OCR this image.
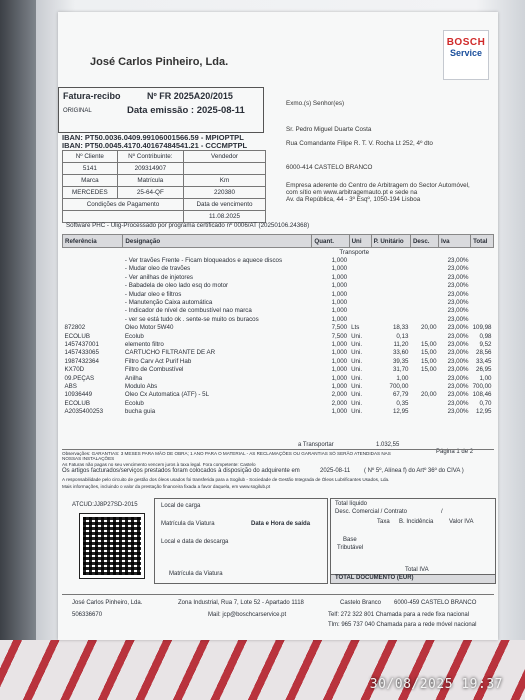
José Carlos Pinheiro, Lda.
BOSCH
Service
Fatura-recibo	Nº FR 2025A20/2015
ORIGINAL	Data emissão : 2025-08-11
IBAN: PT50.0036.0409.99106001566.59 - MPIOPTPL
IBAN: PT50.0045.4170.40167484541.21 - CCCMPTPL
Nº Cliente	Nº Contribuinte:	Vendedor
5141	209314907	
Marca	Matrícula	Km
MERCEDES	25-64-QF	220380
Condições de Pagamento		Data de vencimento
		11.08.2025
Exmo.(s) Senhor(es)
Sr. Pedro Miguel Duarte Costa
Rua Comandante Filipe R. T. V. Rocha Lt 252, 4º dto
6000-414 CASTELO BRANCO
Empresa aderente do Centro de Arbitragem do Sector Automóvel,
com sítio em www.arbitragemauto.pt e sede na
Av. da República, 44 - 3º Esqº, 1050-194 Lisboa
Software PHC - Ulig-Processado por programa certificado nº 0006/AT (20250106.24368)
Referência	Designação	Quant.	Uni	P. Unitário	Desc.	Iva	Total
		Transporte					
	- Ver travões Frente - Ficam bloqueados e aquece discos	1,000				23,00%	
	- Mudar oleo de travões	1,000				23,00%	
	- Ver anilhas de injetores	1,000				23,00%	
	- Babadela de oleo lado esq do motor	1,000				23,00%	
	- Mudar oleo e filtros	1,000				23,00%	
	- Manutenção Caixa automática	1,000				23,00%	
	- Indicador de nível de combustível nao marca	1,000				23,00%	
	- ver se está tudo ok . sente-se muito os buracos	1,000				23,00%	
872802	Oleo Motor 5W40	7,500	Lts	18,33	20,00	23,00%	109,98
ECOLUB	Ecolub	7,500	Uni.	0,13		23,00%	0,98
1457437001	elemento filtro	1,000	Uni.	11,20	15,00	23,00%	9,52
1457433065	CARTUCHO FILTRANTE DE AR	1,000	Uni.	33,60	15,00	23,00%	28,56
1987432364	Filtro Carv Act Purif Hab	1,000	Uni.	39,35	15,00	23,00%	33,45
KX70D	Filtro de Combustível	1,000	Uni.	31,70	15,00	23,00%	26,95
09.PEÇAS	Anilha	1,000	Uni.	1,00		23,00%	1,00
ABS	Modulo Abs	1,000	Uni.	700,00		23,00%	700,00
10936449	Oleo Cx Automatica (ATF) - 5L	2,000	Uni.	67,79	20,00	23,00%	108,46
ECOLUB	Ecolub	2,000	Uni.	0,35		23,00%	0,70
A2035400253	bucha guia	1,000	Uni.	12,95		23,00%	12,95
a Transportar	1.032,55
Página 1 de 2
Observações: GARANTIAS: 3 MESES PARA MÃO DE OBRA; 1 ANO PARA O MATERIAL - AS RECLAMAÇÕES OU GARANTIAS SÓ SERÃO ATENDIDAS NAS
NOSSAS INSTALAÇÕES
As Faturas não pagas no seu vencimento vencem juros à taxa legal. Fora competente: Castelo
Os artigos facturados/serviços prestados foram colocados à disposição do adquirente em	2025-08-11 ( Nº 5º, Alínea f) do Artº 36º do CIVA )
A responsabilidade pelo circuito de gestão dos óleos usados foi transferida para a Sogilub - Sociedade de Gestão Integrada de Óleos Lubrificantes Usados, Lda.
Mais informações, incluindo o valor da prestação financeira fixada a favor daquela, em www.sogilub.pt
ATCUD:JJ8P27SD-2015	Local de carga
Matrícula da Viatura	Data e Hora de saída
Local e data de descarga
Matrícula da Viatura
Total líquido
Desc. Comercial / Contrato	/
Taxa B. Incidência	Valor IVA
Base
Tributável
Total IVA
TOTAL DOCUMENTO (EUR)
José Carlos Pinheiro, Lda.
506336670
Zona Industrial, Rua 7, Lote 52 - Apartado 1118	Castelo Branco 6000-459 CASTELO BRANCO
Mail: jcp@boschcarservice.pt	Telf: 272 322 801 Chamada para a rede fixa nacional
Tlm: 965 737 040 Chamada para a rede móvel nacional
30/08/2025 19:37
